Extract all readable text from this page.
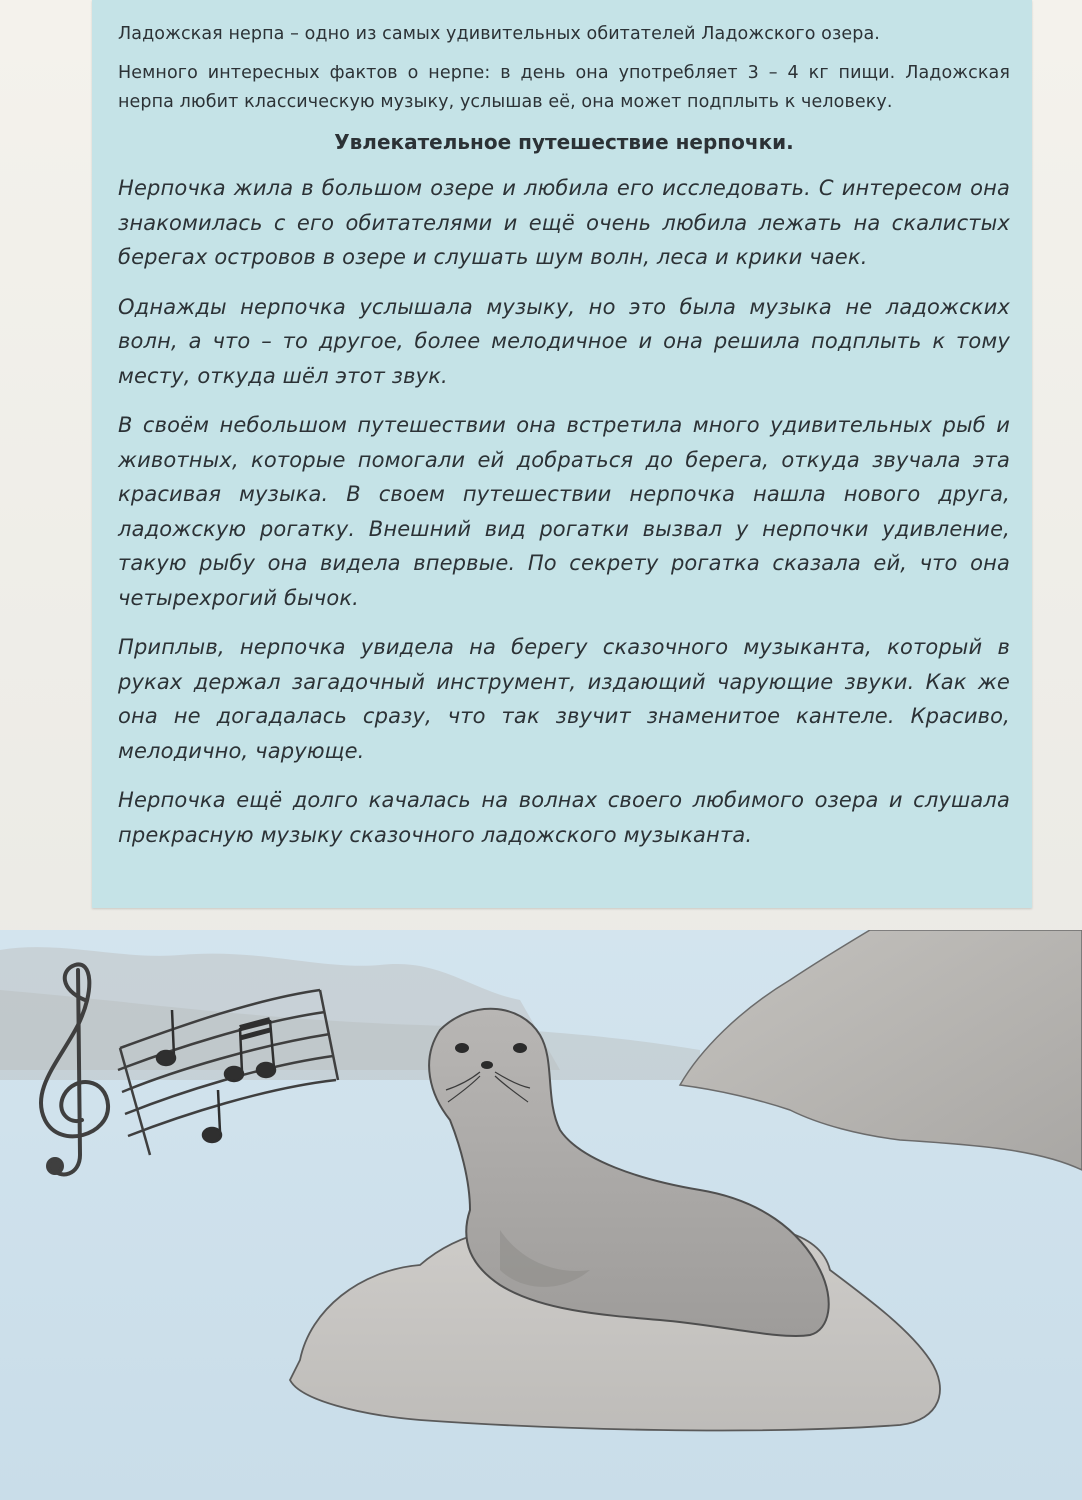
Ладожская нерпа – одно из самых удивительных обитателей Ладожского озера.

Немного интересных фактов о нерпе: в день она употребляет 3 – 4 кг пищи. Ладожская нерпа любит классическую музыку, услышав её, она может подплыть к человеку.

Увлекательное путешествие нерпочки.

Нерпочка жила в большом озере и любила его исследовать. С интересом она знакомилась с его обитателями и ещё очень любила лежать на скалистых берегах островов в озере и слушать шум волн, леса и крики чаек.

Однажды нерпочка услышала музыку, но это была музыка не ладожских волн, а что – то другое, более мелодичное и она решила подплыть к тому месту, откуда шёл этот звук.

В своём небольшом путешествии она встретила много удивительных рыб и животных, которые помогали ей добраться до берега, откуда звучала эта красивая музыка. В своем путешествии нерпочка нашла нового друга, ладожскую рогатку. Внешний вид рогатки вызвал у нерпочки удивление, такую рыбу она видела впервые. По секрету рогатка сказала ей, что она четырехрогий бычок.

Приплыв, нерпочка увидела на берегу сказочного музыканта, который в руках держал загадочный инструмент, издающий чарующие звуки. Как же она не догадалась сразу, что так звучит знаменитое кантеле. Красиво, мелодично, чарующе.

Нерпочка ещё долго качалась на волнах своего любимого озера и слушала прекрасную музыку сказочного ладожского музыканта.
